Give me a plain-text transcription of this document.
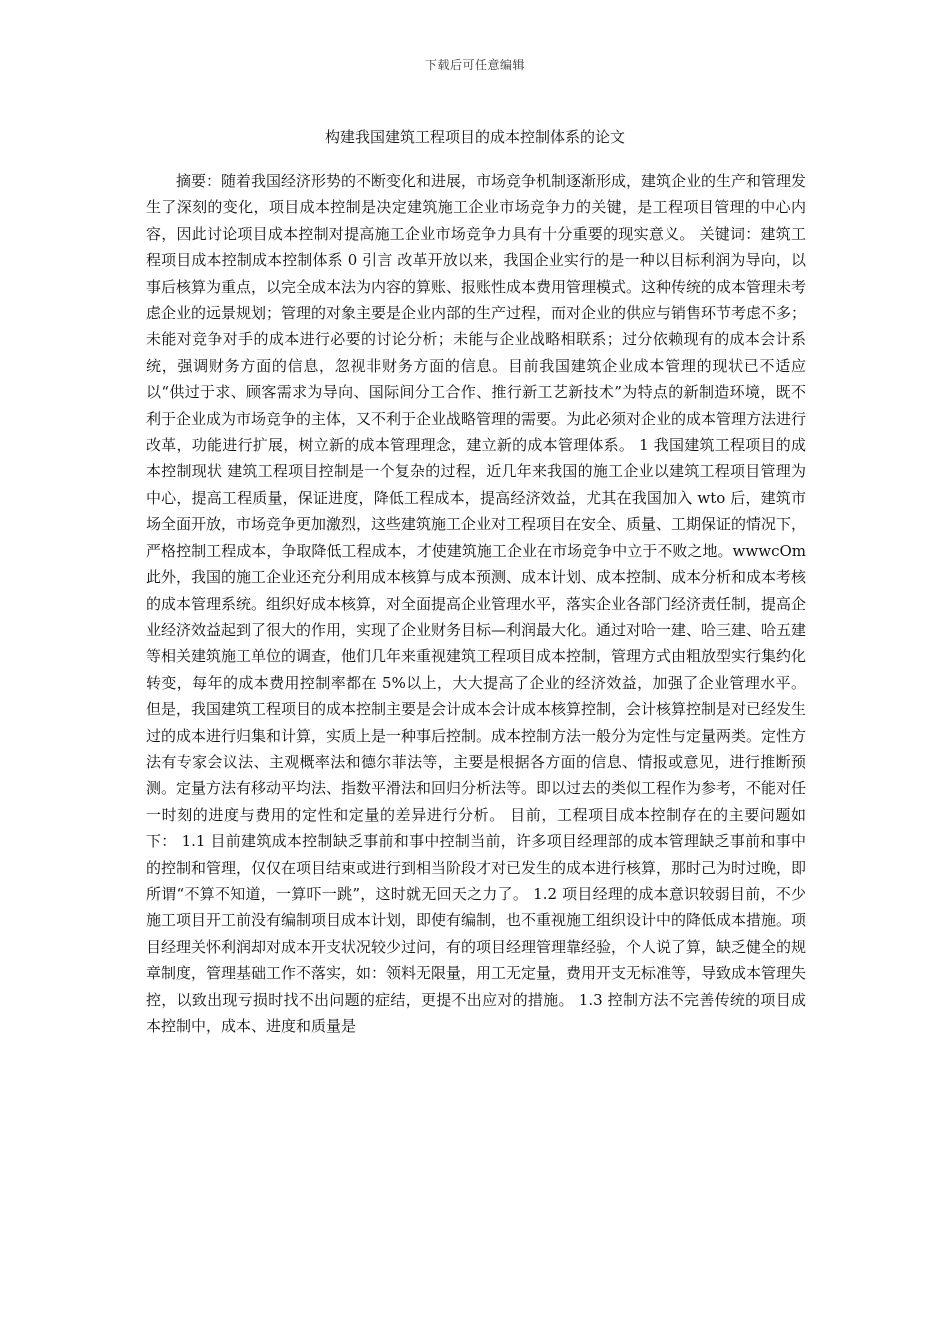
下载后可任意编辑
构建我国建筑工程项目的成本控制体系的论文

摘要：随着我国经济形势的不断变化和进展，市场竞争机制逐渐形成，建筑企业的生产和管理发生了深刻的变化，项目成本控制是决定建筑施工企业市场竞争力的关键，是工程项目管理的中心内容，因此讨论项目成本控制对提高施工企业市场竞争力具有十分重要的现实意义。 关键词：建筑工程项目成本控制成本控制体系 0 引言 改革开放以来，我国企业实行的是一种以目标利润为导向，以事后核算为重点，以完全成本法为内容的算账、报账性成本费用管理模式。这种传统的成本管理未考虑企业的远景规划；管理的对象主要是企业内部的生产过程，而对企业的供应与销售环节考虑不多；未能对竞争对手的成本进行必要的讨论分析；未能与企业战略相联系；过分依赖现有的成本会计系统，强调财务方面的信息，忽视非财务方面的信息。目前我国建筑企业成本管理的现状已不适应以“供过于求、顾客需求为导向、国际间分工合作、推行新工艺新技术”为特点的新制造环境，既不利于企业成为市场竞争的主体，又不利于企业战略管理的需要。为此必须对企业的成本管理方法进行改革，功能进行扩展，树立新的成本管理理念，建立新的成本管理体系。 1 我国建筑工程项目的成本控制现状 建筑工程项目控制是一个复杂的过程，近几年来我国的施工企业以建筑工程项目管理为中心，提高工程质量，保证进度，降低工程成本，提高经济效益，尤其在我国加入 wto 后，建筑市场全面开放，市场竞争更加激烈，这些建筑施工企业对工程项目在安全、质量、工期保证的情况下，严格控制工程成本，争取降低工程成本，才使建筑施工企业在市场竞争中立于不败之地。wwwcOm 此外，我国的施工企业还充分利用成本核算与成本预测、成本计划、成本控制、成本分析和成本考核的成本管理系统。组织好成本核算，对全面提高企业管理水平，落实企业各部门经济责任制，提高企业经济效益起到了很大的作用，实现了企业财务目标—利润最大化。通过对哈一建、哈三建、哈五建等相关建筑施工单位的调查，他们几年来重视建筑工程项目成本控制，管理方式由粗放型实行集约化转变，每年的成本费用控制率都在 5%以上，大大提高了企业的经济效益，加强了企业管理水平。 但是，我国建筑工程项目的成本控制主要是会计成本会计成本核算控制，会计核算控制是对已经发生过的成本进行归集和计算，实质上是一种事后控制。成本控制方法一般分为定性与定量两类。定性方法有专家会议法、主观概率法和德尔菲法等，主要是根据各方面的信息、情报或意见，进行推断预测。定量方法有移动平均法、指数平滑法和回归分析法等。即以过去的类似工程作为参考，不能对任一时刻的进度与费用的定性和定量的差异进行分析。 目前，工程项目成本控制存在的主要问题如下： 1.1 目前建筑成本控制缺乏事前和事中控制当前，许多项目经理部的成本管理缺乏事前和事中的控制和管理，仅仅在项目结束或进行到相当阶段才对已发生的成本进行核算，那时己为时过晚，即所谓“不算不知道，一算吓一跳”，这时就无回天之力了。 1.2 项目经理的成本意识较弱目前，不少施工项目开工前没有编制项目成本计划，即使有编制，也不重视施工组织设计中的降低成本措施。项目经理关怀利润却对成本开支状况较少过问，有的项目经理管理靠经验，个人说了算，缺乏健全的规章制度，管理基础工作不落实，如：领料无限量，用工无定量，费用开支无标准等，导致成本管理失控，以致出现亏损时找不出问题的症结，更提不出应对的措施。 1.3 控制方法不完善传统的项目成本控制中，成本、进度和质量是
